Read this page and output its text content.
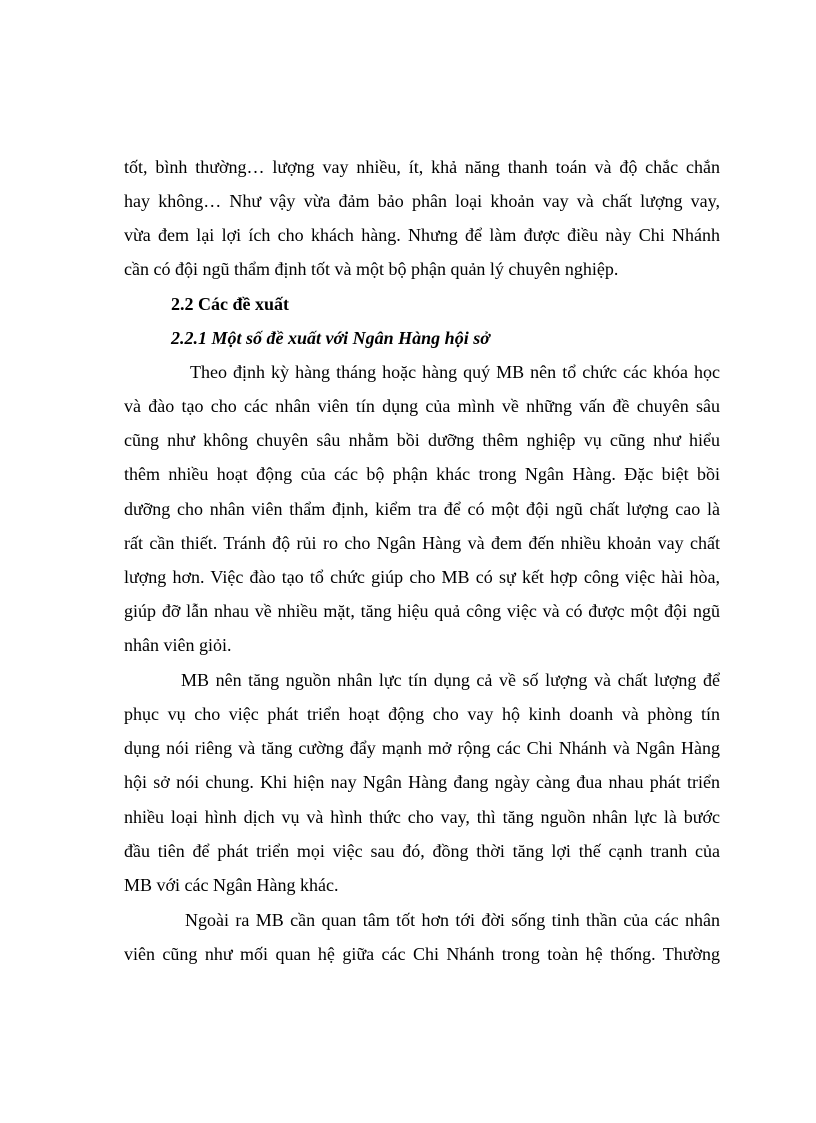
tốt, bình thường… lượng vay nhiều, ít, khả năng thanh toán và độ chắc chắn
hay không… Như vậy vừa đảm bảo phân loại khoản vay và chất lượng vay,
vừa đem lại lợi ích cho khách hàng. Nhưng để làm được điều này Chi Nhánh
cần có đội ngũ thẩm định tốt và một bộ phận quản lý chuyên nghiệp.
2.2 Các đề xuất
2.2.1 Một số đề xuất với Ngân Hàng hội sở
Theo định kỳ hàng tháng hoặc hàng quý MB nên tổ chức các khóa học
và đào tạo cho các nhân viên tín dụng của mình về những vấn đề chuyên sâu
cũng như không chuyên sâu nhằm bồi dưỡng thêm nghiệp vụ cũng như hiểu
thêm nhiều hoạt động của các bộ phận khác trong Ngân Hàng. Đặc biệt bồi
dưỡng cho nhân viên thẩm định, kiểm tra để có một đội ngũ chất lượng cao là
rất cần thiết. Tránh độ rủi ro cho Ngân Hàng và đem đến nhiều khoản vay chất
lượng hơn. Việc đào tạo tổ chức giúp cho MB có sự kết hợp công việc hài hòa,
giúp đỡ lẫn nhau về nhiều mặt, tăng hiệu quả công việc và có được một đội ngũ
nhân viên giỏi.
MB nên tăng nguồn nhân lực tín dụng cả về số lượng và chất lượng để
phục vụ cho việc phát triển hoạt động cho vay hộ kinh doanh và phòng tín
dụng nói riêng và tăng cường đẩy mạnh mở rộng các Chi Nhánh và Ngân Hàng
hội sở nói chung. Khi hiện nay Ngân Hàng đang ngày càng đua nhau phát triển
nhiều loại hình dịch vụ và hình thức cho vay, thì tăng nguồn nhân lực là bước
đầu tiên để phát triển mọi việc sau đó, đồng thời tăng lợi thế cạnh tranh của
MB với các Ngân Hàng khác.
Ngoài ra MB cần quan tâm tốt hơn tới đời sống tinh thần của các nhân
viên cũng như mối quan hệ giữa các Chi Nhánh trong toàn hệ thống. Thường
